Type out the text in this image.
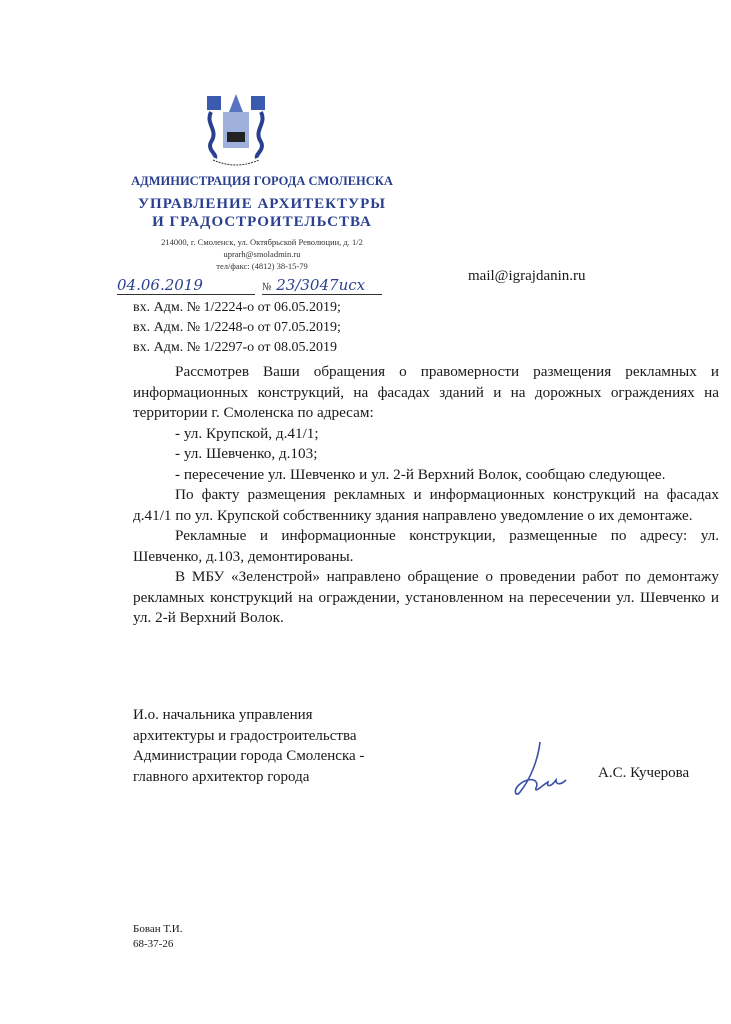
АДМИНИСТРАЦИЯ ГОРОДА СМОЛЕНСКА
УПРАВЛЕНИЕ АРХИТЕКТУРЫ
И ГРАДОСТРОИТЕЛЬСТВА
214000, г. Смоленск, ул. Октябрьской Революции, д. 1/2
uprarh@smoladmin.ru
тел/факс: (4812) 38-15-79
04.06.2019	№ 23/3047исх	mail@igrajdanin.ru
вх. Адм. № 1/2224-о от 06.05.2019;
вх. Адм. № 1/2248-о от 07.05.2019;
вх. Адм. № 1/2297-о от 08.05.2019

Рассмотрев Ваши обращения о правомерности размещения рекламных и информационных конструкций, на фасадах зданий и на дорожных ограждениях на территории г. Смоленска по адресам:

- ул. Крупской, д.41/1;

- ул. Шевченко, д.103;

- пересечение ул. Шевченко и ул. 2-й Верхний Волок, сообщаю следующее.

По факту размещения рекламных и информационных конструкций на фасадах д.41/1 по ул. Крупской собственнику здания направлено уведомление о их демонтаже.

Рекламные и информационные конструкции, размещенные по адресу: ул. Шевченко, д.103, демонтированы.

В МБУ «Зеленстрой» направлено обращение о проведении работ по демонтажу рекламных конструкций на ограждении, установленном на пересечении ул. Шевченко и ул. 2-й Верхний Волок.

И.о. начальника управления
архитектуры и градостроительства
Администрации города Смоленска -
главного архитектор города	А.С. Кучерова
Бован Т.И.
68-37-26
